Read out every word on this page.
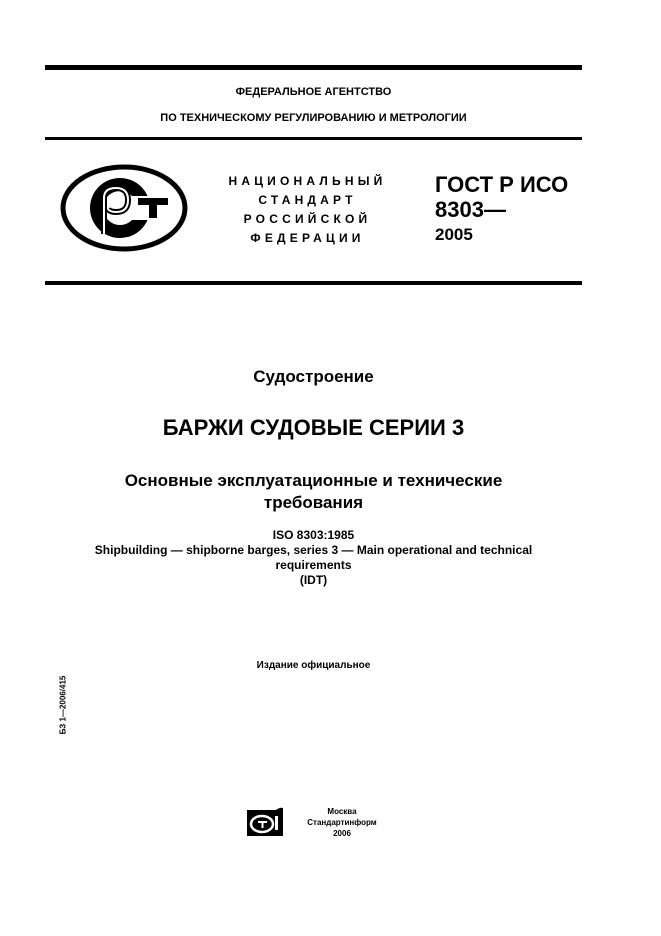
ФЕДЕРАЛЬНОЕ АГЕНТСТВО
ПО ТЕХНИЧЕСКОМУ РЕГУЛИРОВАНИЮ И МЕТРОЛОГИИ
НАЦИОНАЛЬНЫЙ
СТАНДАРТ
РОССИЙСКОЙ
ФЕДЕРАЦИИ
ГОСТ Р ИСО
8303—
2005
Судостроение
БАРЖИ СУДОВЫЕ СЕРИИ 3
Основные эксплуатационные и технические
требования
ISO 8303:1985
Shipbuilding — shipborne barges, series 3 — Main operational and technical
requirements
(IDT)
Издание официальное
БЗ 1—2006/415
Москва
Стандартинформ
2006
